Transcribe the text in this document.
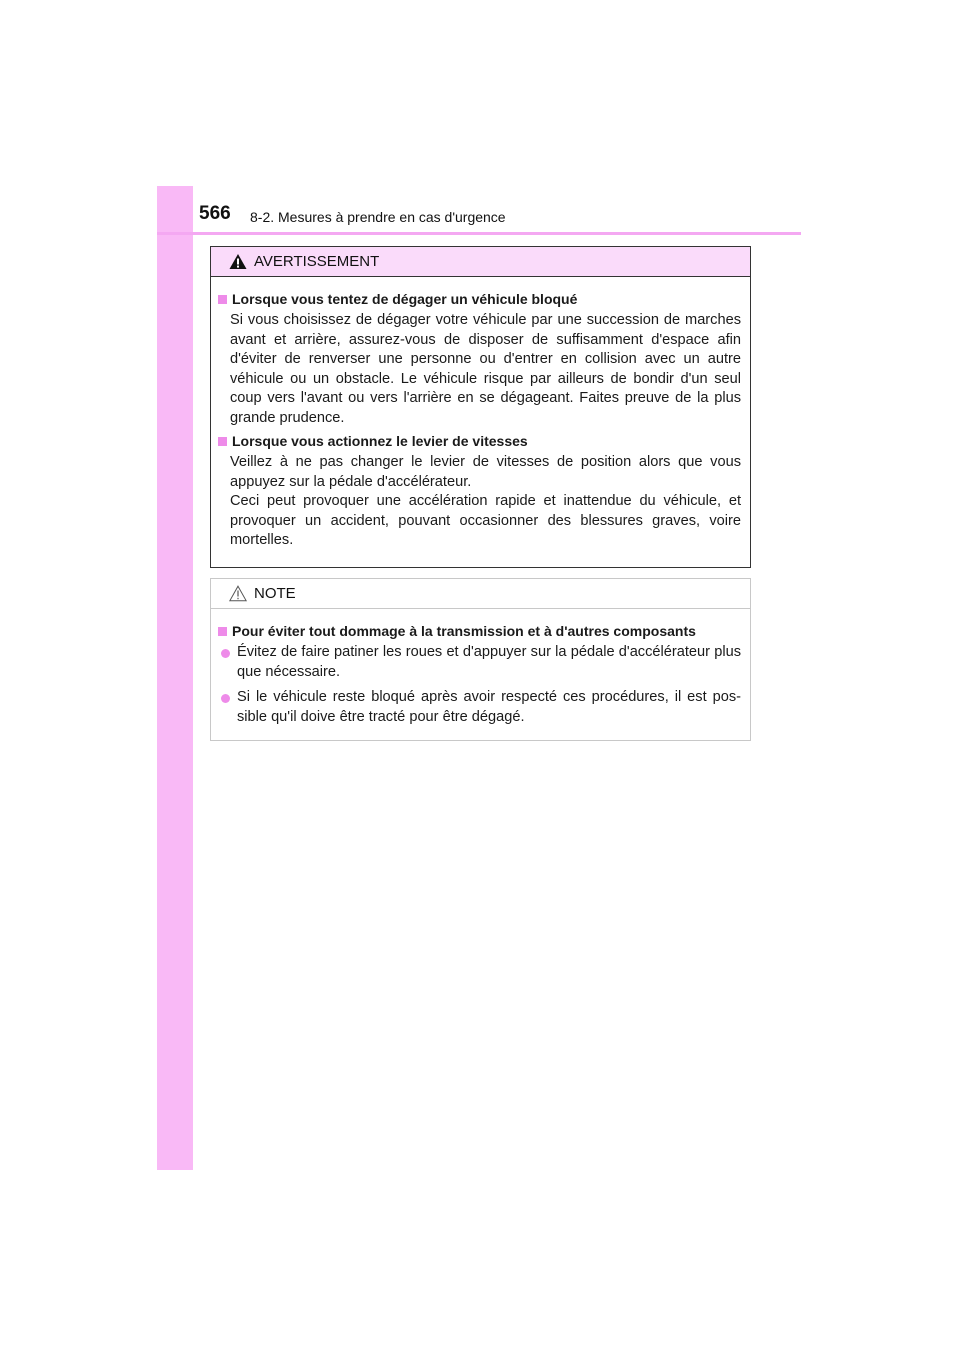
566 8-2. Mesures à prendre en cas d'urgence
AVERTISSEMENT
Lorsque vous tentez de dégager un véhicule bloqué
Si vous choisissez de dégager votre véhicule par une succession de marches avant et arrière, assurez-vous de disposer de suffisamment d'espace afin d'éviter de renverser une personne ou d'entrer en collision avec un autre véhicule ou un obstacle. Le véhicule risque par ailleurs de bondir d'un seul coup vers l'avant ou vers l'arrière en se dégageant. Faites preuve de la plus grande prudence.
Lorsque vous actionnez le levier de vitesses
Veillez à ne pas changer le levier de vitesses de position alors que vous appuyez sur la pédale d'accélérateur.
Ceci peut provoquer une accélération rapide et inattendue du véhicule, et provoquer un accident, pouvant occasionner des blessures graves, voire mortelles.
NOTE
Pour éviter tout dommage à la transmission et à d'autres composants
Évitez de faire patiner les roues et d'appuyer sur la pédale d'accélérateur plus que nécessaire.
Si le véhicule reste bloqué après avoir respecté ces procédures, il est pos-sible qu'il doive être tracté pour être dégagé.
